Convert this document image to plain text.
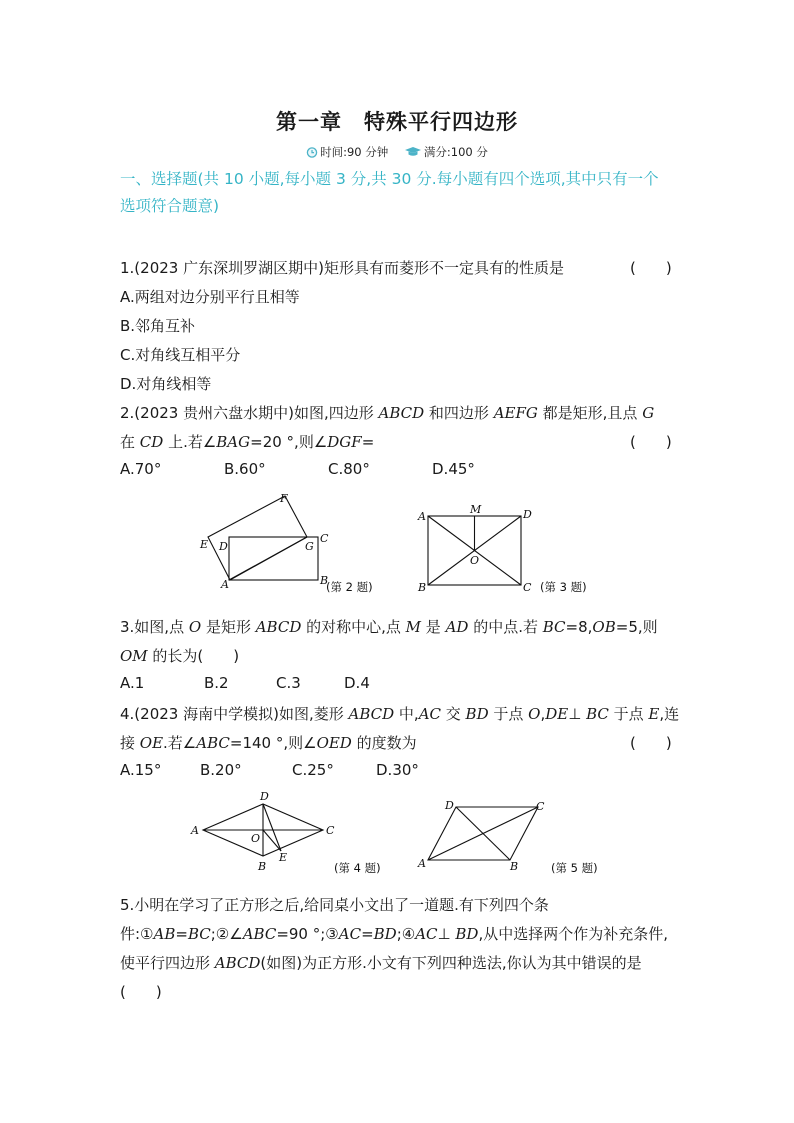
第一章　特殊平行四边形
时间:90 分钟	满分:100 分
一、选择题(共 10 小题,每小题 3 分,共 30 分.每小题有四个选项,其中只有一个
选项符合题意)
1.(2023 广东深圳罗湖区期中)矩形具有而菱形不一定具有的性质是	(　　)
A.两组对边分别平行且相等
B.邻角互补
C.对角线互相平分
D.对角线相等
2.(2023 贵州六盘水期中)如图,四边形 ABCD 和四边形 AEFG 都是矩形,且点 G
在 CD 上.若∠BAG=20 °,则∠DGF=	(　　)
A.70°	B.60°	C.80°	D.45°
F
E D	G
C
A	B
(第 2 题)
A
M	D
O
B	C (第 3 题)
3.如图,点 O 是矩形 ABCD 的对称中心,点 M 是 AD 的中点.若 BC=8,OB=5,则
OM 的长为(　　)
A.1	B.2	C.3	D.4
4.(2023 海南中学模拟)如图,菱形 ABCD 中,AC 交 BD 于点 O,DE⊥ BC 于点 E,连
接 OE.若∠ABC=140 °,则∠OED 的度数为	(　　)
A.15°	B.20°	C.25°	D.30°
D
A
O
C
B
E
(第 4 题)
D	C
A	B	(第 5 题)
5.小明在学习了正方形之后,给同桌小文出了一道题.有下列四个条
件:①AB=BC;②∠ABC=90 °;③AC=BD;④AC⊥ BD,从中选择两个作为补充条件,
使平行四边形 ABCD(如图)为正方形.小文有下列四种选法,你认为其中错误的是
(　　)
